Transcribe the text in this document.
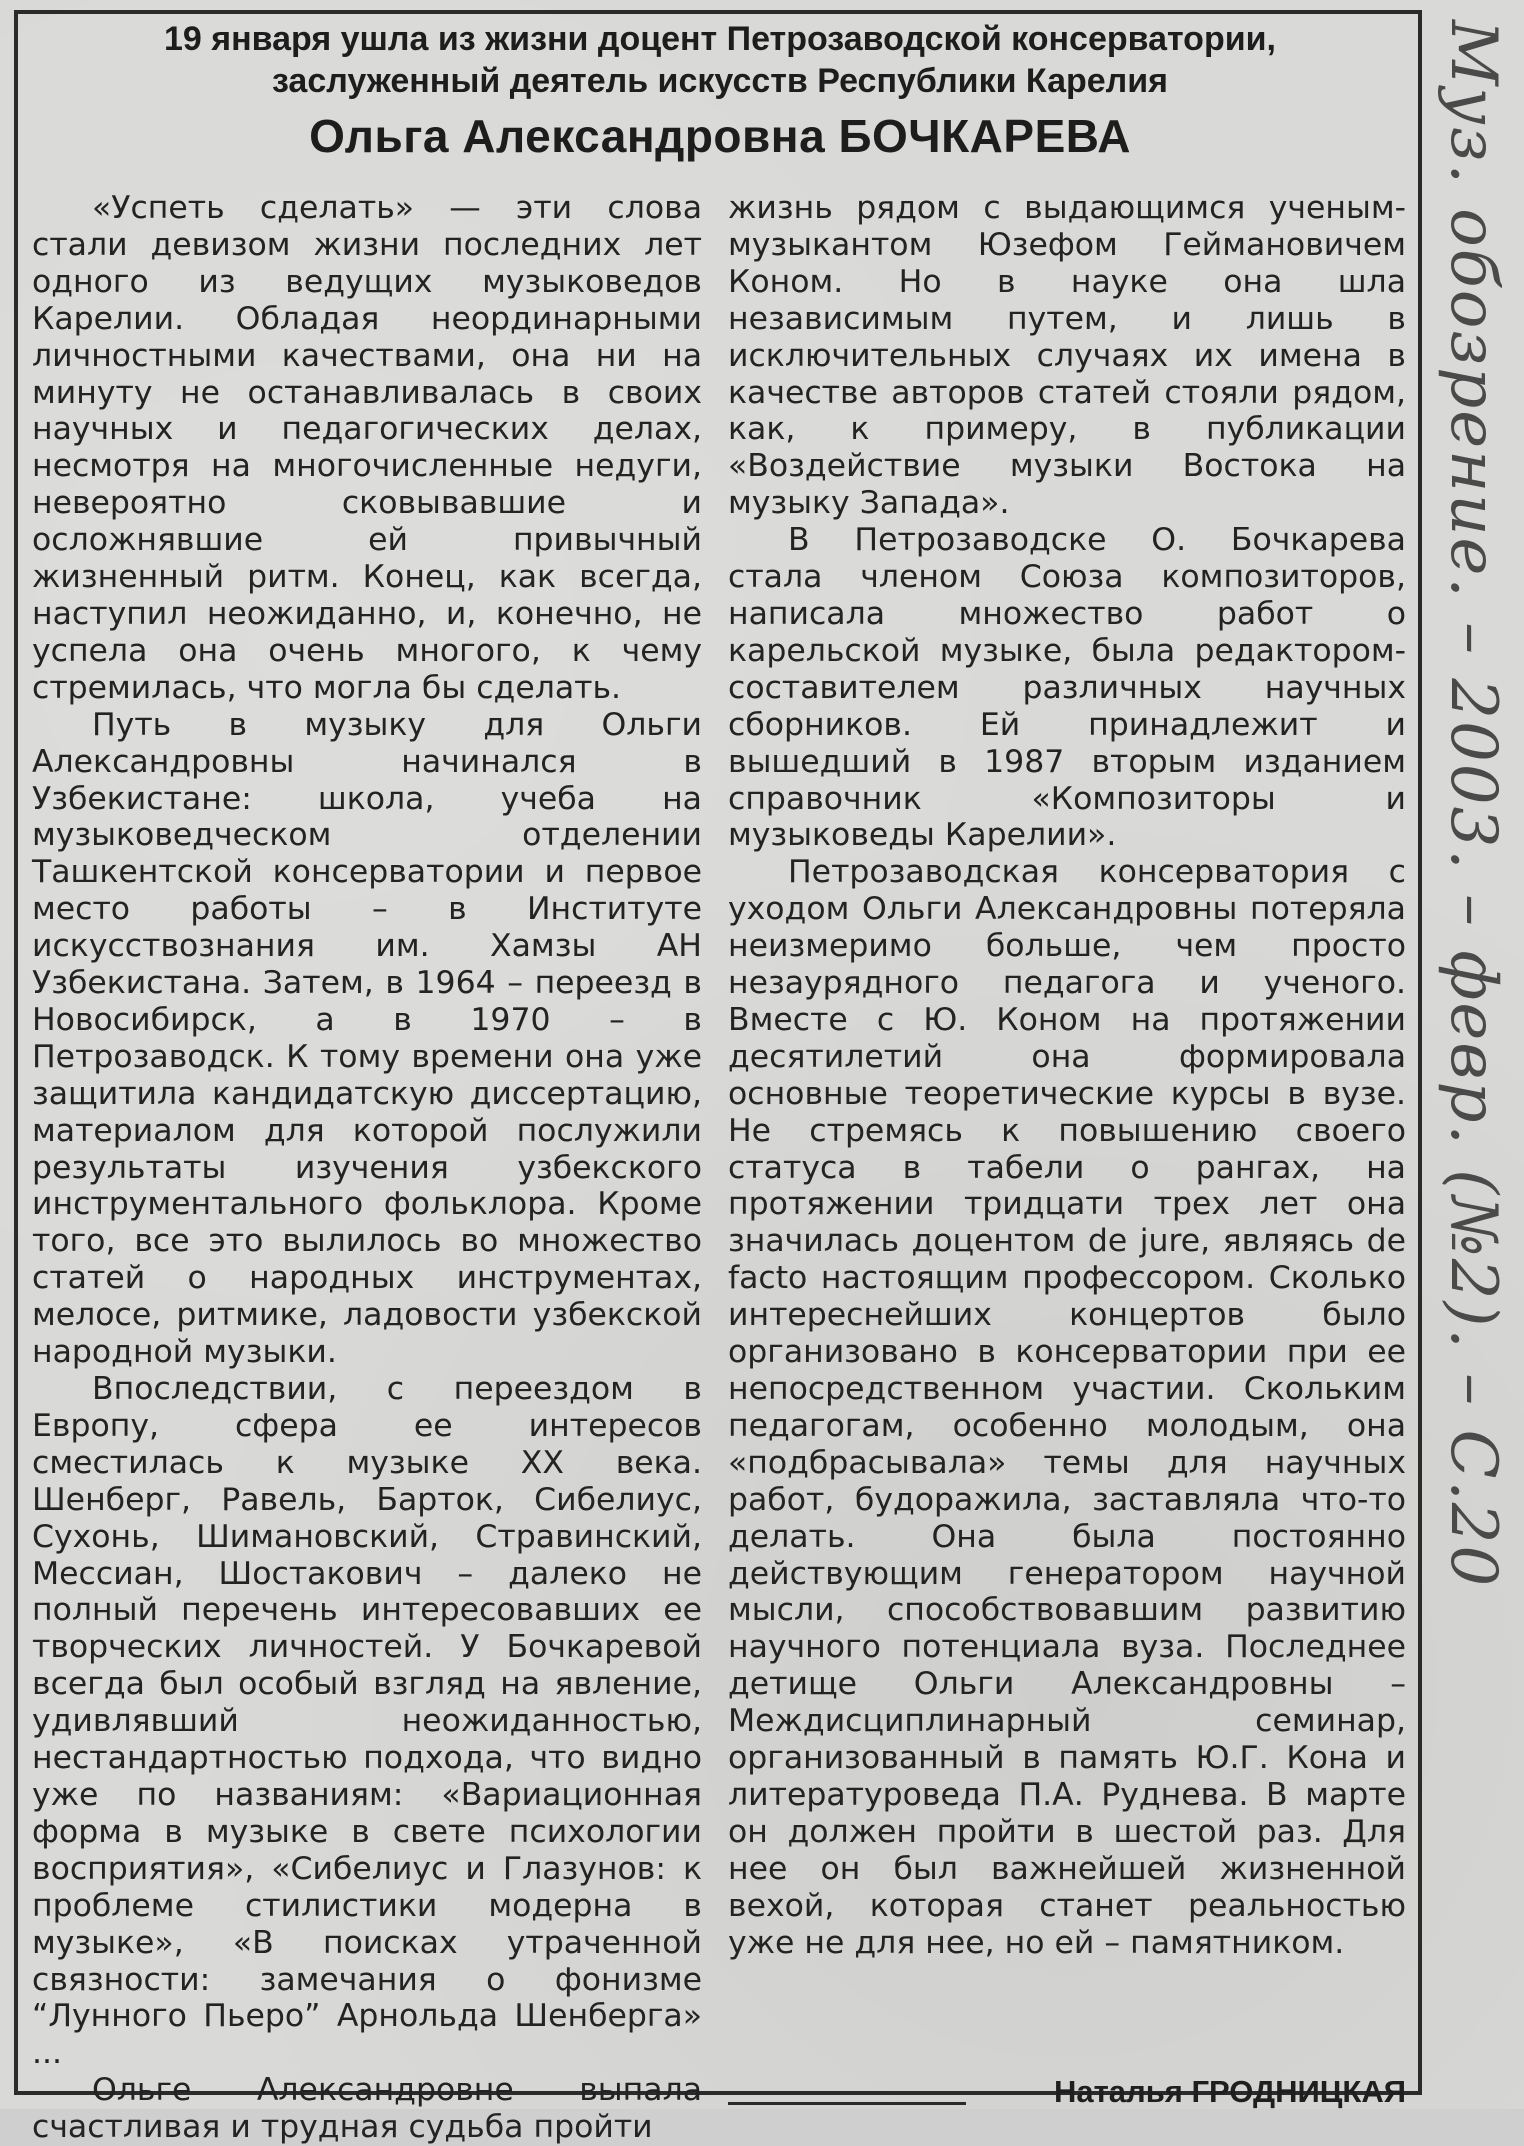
19 января ушла из жизни доцент Петрозаводской консерватории,

заслуженный деятель искусств Республики Карелия

Ольга Александровна БОЧКАРЕВА

«Успеть сделать» — эти слова стали девизом жизни последних лет одного из ведущих музыковедов Карелии. Обладая неординарными личностными качествами, она ни на минуту не останавливалась в своих научных и педагогических делах, несмотря на многочисленные недуги, невероятно сковывавшие и осложнявшие ей привычный жизненный ритм. Конец, как всегда, наступил неожиданно, и, конечно, не успела она очень многого, к чему стремилась, что могла бы сделать.

Путь в музыку для Ольги Александровны начинался в Узбекистане: школа, учеба на музыковедческом отделении Ташкентской консерватории и первое место работы – в Институте искусствознания им. Хамзы АН Узбекистана. Затем, в 1964 – переезд в Новосибирск, а в 1970 – в Петрозаводск. К тому времени она уже защитила кандидатскую диссертацию, материалом для которой послужили результаты изучения узбекского инструментального фольклора. Кроме того, все это вылилось во множество статей о народных инструментах, мелосе, ритмике, ладовости узбекской народной музыки.

Впоследствии, с переездом в Европу, сфера ее интересов сместилась к музыке XX века. Шенберг, Равель, Барток, Сибелиус, Сухонь, Шимановский, Стравинский, Мессиан, Шостакович – далеко не полный перечень интересовавших ее творческих личностей. У Бочкаревой всегда был особый взгляд на явление, удивлявший неожиданностью, нестандартностью подхода, что видно уже по названиям: «Вариационная форма в музыке в свете психологии восприятия», «Сибелиус и Глазунов: к проблеме стилистики модерна в музыке», «В поисках утраченной связности: замечания о фонизме “Лунного Пьеро” Арнольда Шенберга» ...

Ольге Александровне выпала счастливая и трудная судьба пройти

жизнь рядом с выдающимся ученым-музыкантом Юзефом Геймановичем Коном. Но в науке она шла независимым путем, и лишь в исключительных случаях их имена в качестве авторов статей стояли рядом, как, к примеру, в публикации «Воздействие музыки Востока на музыку Запада».

В Петрозаводске О. Бочкарева стала членом Союза композиторов, написала множество работ о карельской музыке, была редактором-составителем различных научных сборников. Ей принадлежит и вышедший в 1987 вторым изданием справочник «Композиторы и музыковеды Карелии».

Петрозаводская консерватория с уходом Ольги Александровны потеряла неизмеримо больше, чем просто незаурядного педагога и ученого. Вместе с Ю. Коном на протяжении десятилетий она формировала основные теоретические курсы в вузе. Не стремясь к повышению своего статуса в табели о рангах, на протяжении тридцати трех лет она значилась доцентом de jure, являясь de facto настоящим профессором. Сколько интереснейших концертов было организовано в консерватории при ее непосредственном участии. Скольким педагогам, особенно молодым, она «подбрасывала» темы для научных работ, будоражила, заставляла что-то делать. Она была постоянно действующим генератором научной мысли, способствовавшим развитию научного потенциала вуза. Последнее детище Ольги Александровны – Междисциплинарный семинар, организованный в память Ю.Г. Кона и литературоведа П.А. Руднева. В марте он должен пройти в шестой раз. Для нее он был важнейшей жизненной вехой, которая станет реальностью уже не для нее, но ей – памятником.

Наталья ГРОДНИЦКАЯ
Муз. обозрение. – 2003. – февр. (№2). – С.20
